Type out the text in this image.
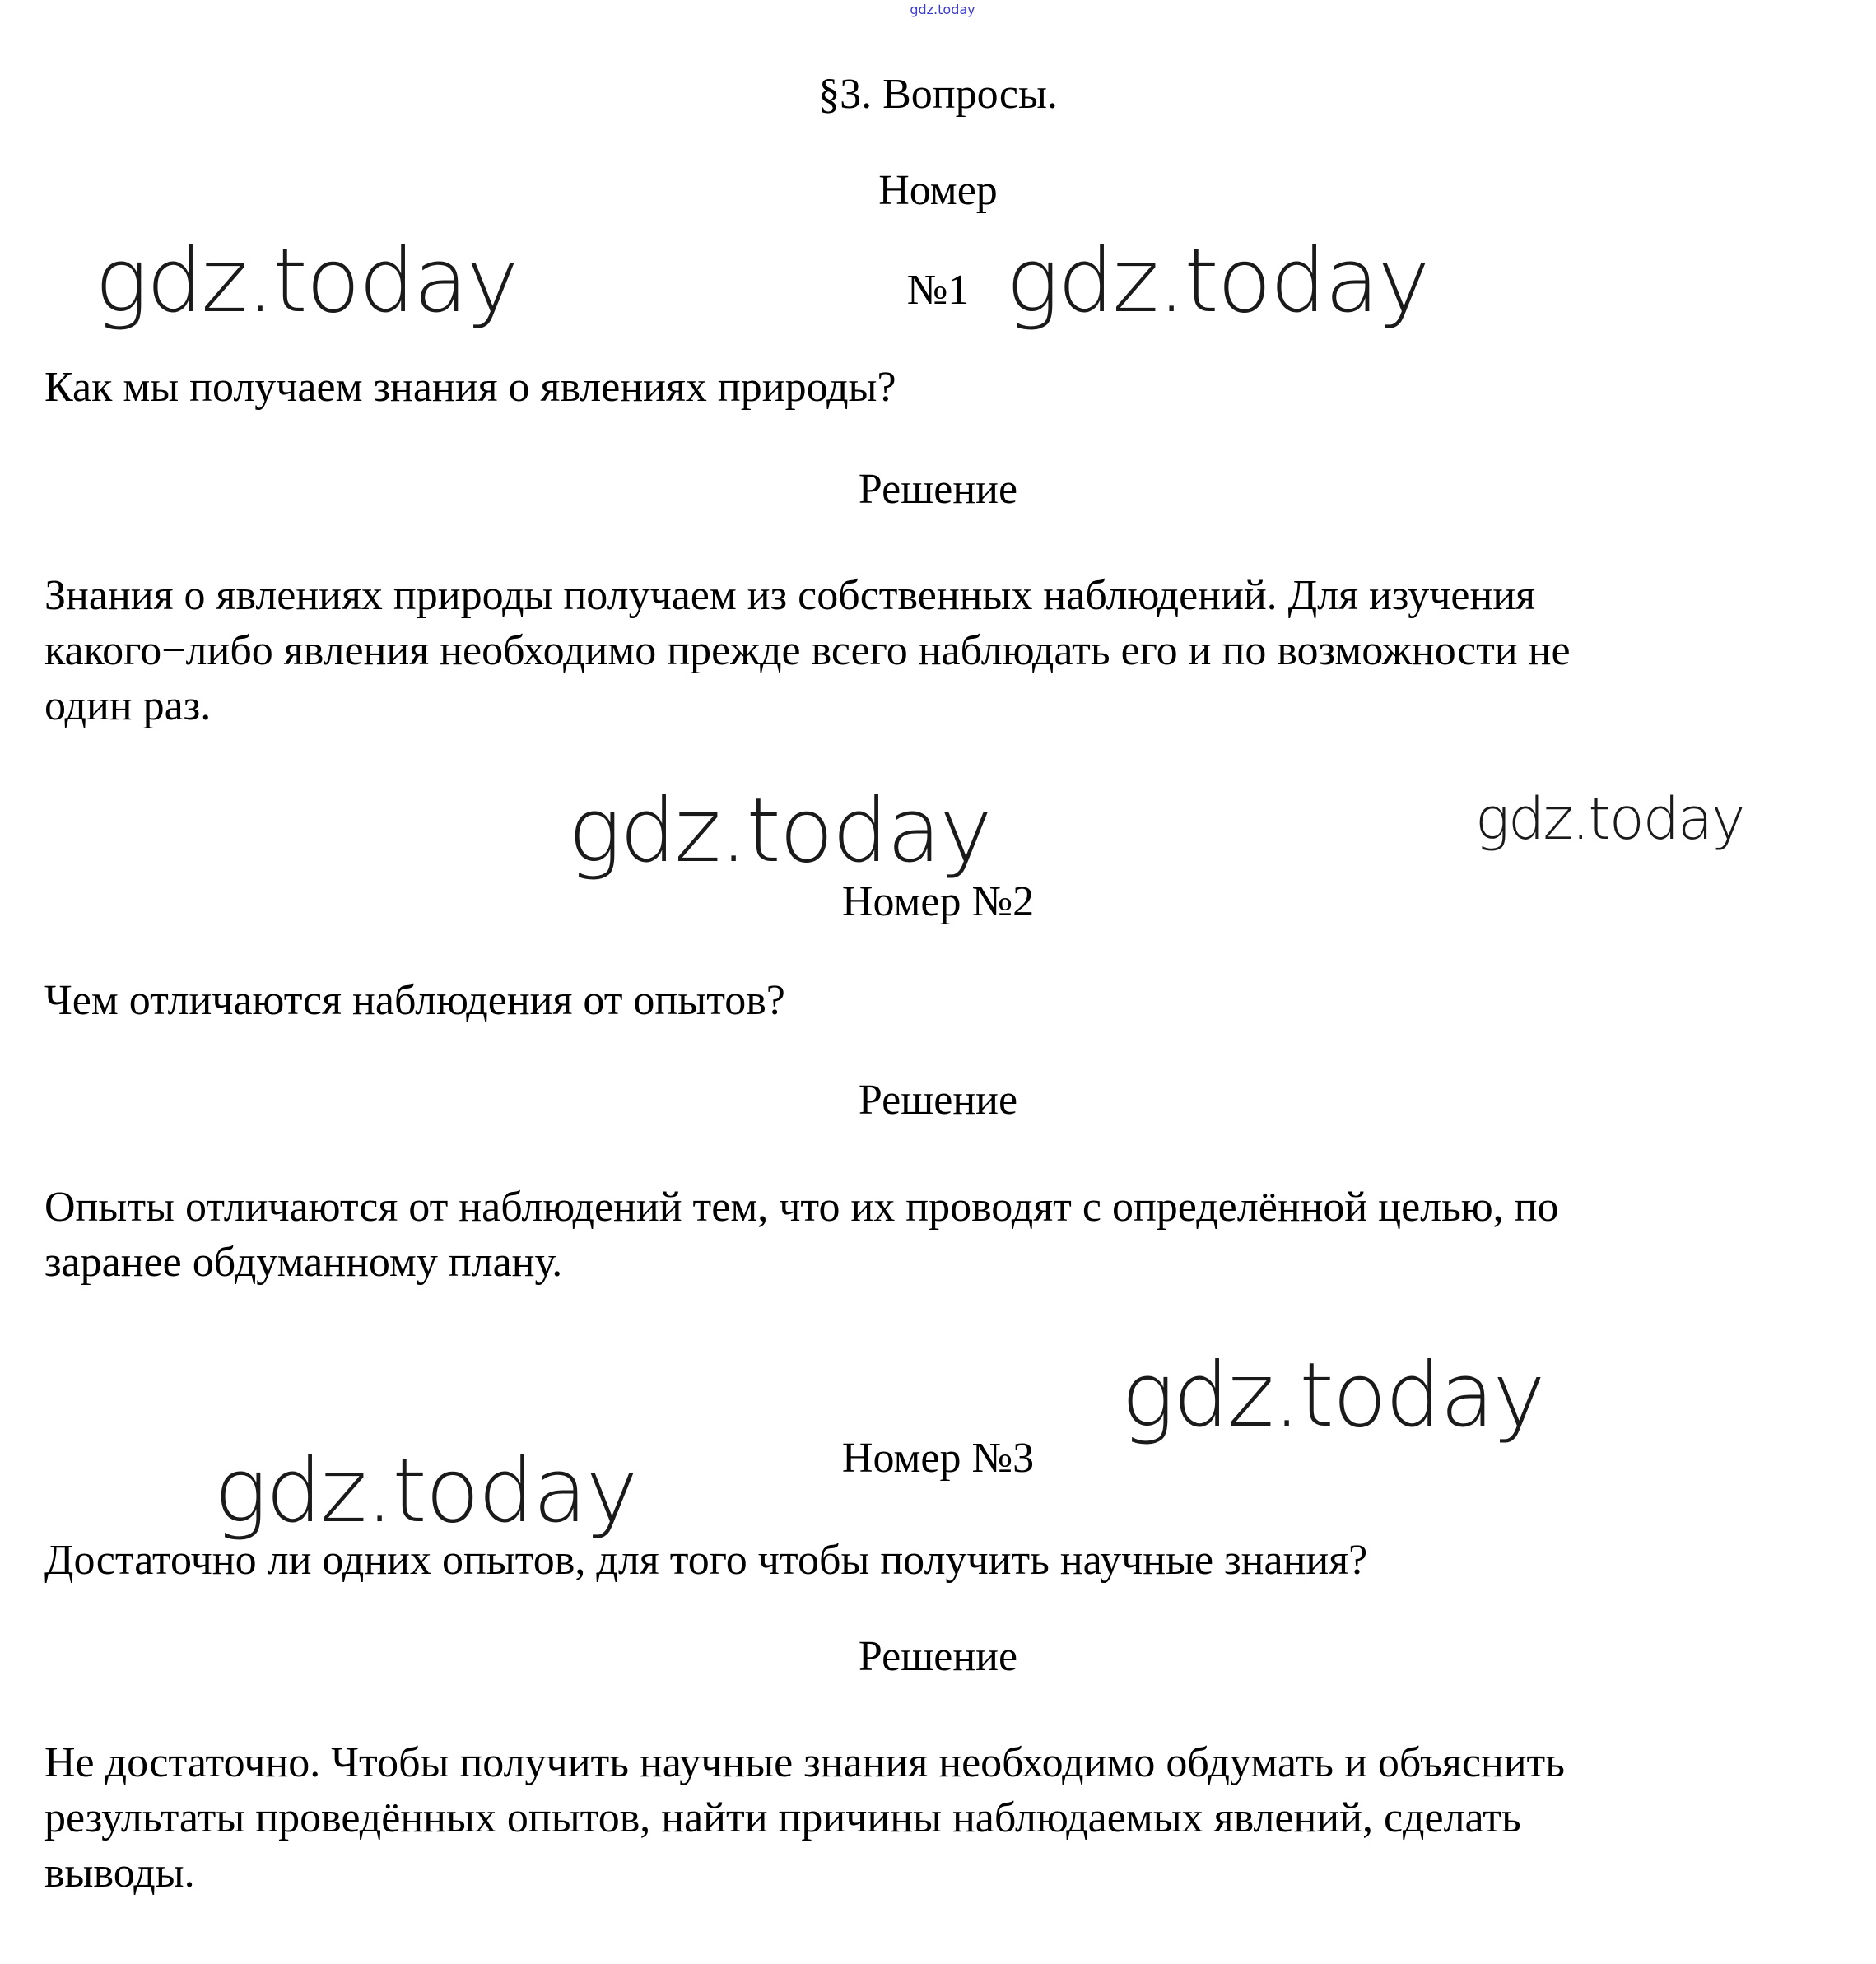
gdz.today
§3. Вопросы.
Номер
№1
Как мы получаем знания о явлениях природы?
Решение
Знания о явлениях природы получаем из собственных наблюдений. Для изучения
какого−либо явления необходимо прежде всего наблюдать его и по возможности не
один раз.
Номер №2
Чем отличаются наблюдения от опытов?
Решение
Опыты отличаются от наблюдений тем, что их проводят с определённой целью, по
заранее обдуманному плану.
Номер №3
Достаточно ли одних опытов, для того чтобы получить научные знания?
Решение
Не достаточно. Чтобы получить научные знания необходимо обдумать и объяснить
результаты проведённых опытов, найти причины наблюдаемых явлений, сделать
выводы.
gdz.today	gdz.today
gdz.today	gdz.today
gdz.today
gdz.today
